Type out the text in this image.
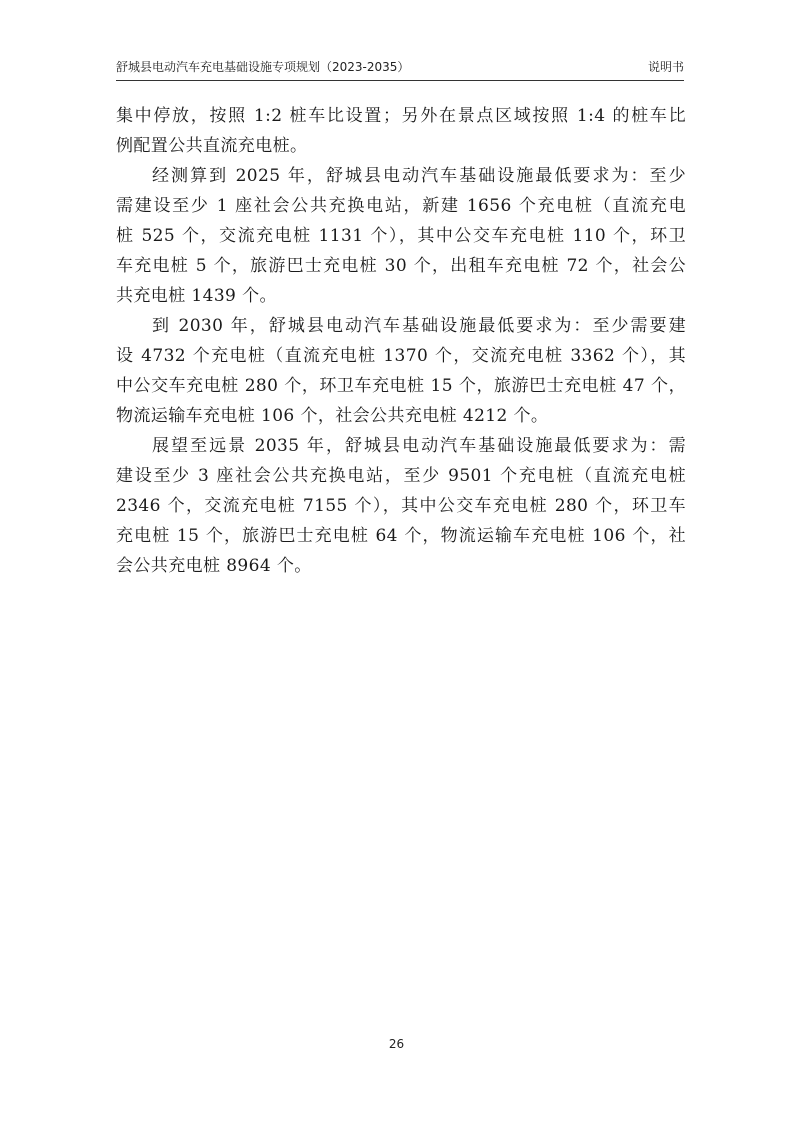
舒城县电动汽车充电基础设施专项规划（2023-2035）	说明书
集中停放，按照 1:2 桩车比设置；另外在景点区域按照 1:4 的桩车比
例配置公共直流充电桩。
经测算到 2025 年，舒城县电动汽车基础设施最低要求为：至少
需建设至少 1 座社会公共充换电站，新建 1656 个充电桩（直流充电
桩 525 个，交流充电桩 1131 个），其中公交车充电桩 110 个，环卫
车充电桩 5 个，旅游巴士充电桩 30 个，出租车充电桩 72 个，社会公
共充电桩 1439 个。
到 2030 年，舒城县电动汽车基础设施最低要求为：至少需要建
设 4732 个充电桩（直流充电桩 1370 个，交流充电桩 3362 个），其
中公交车充电桩 280 个，环卫车充电桩 15 个，旅游巴士充电桩 47 个，
物流运输车充电桩 106 个，社会公共充电桩 4212 个。
展望至远景 2035 年，舒城县电动汽车基础设施最低要求为：需
建设至少 3 座社会公共充换电站，至少 9501 个充电桩（直流充电桩
2346 个，交流充电桩 7155 个），其中公交车充电桩 280 个，环卫车
充电桩 15 个，旅游巴士充电桩 64 个，物流运输车充电桩 106 个，社
会公共充电桩 8964 个。
26
